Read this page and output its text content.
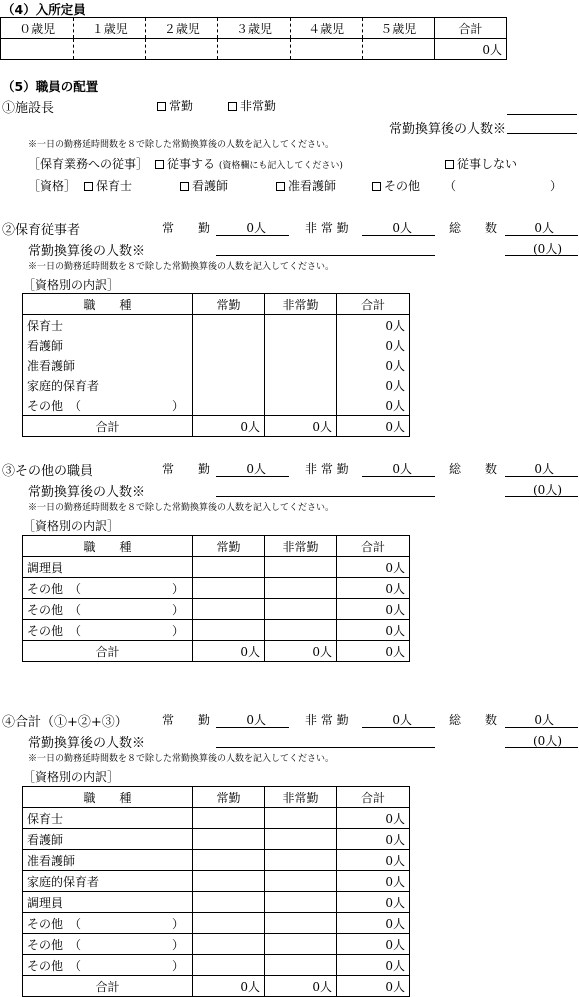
（4）入所定員
０歳児	１歳児	２歳児	３歳児	４歳児	５歳児	合計
						0人
（5）職員の配置
①施設長	常勤	非常勤
常勤換算後の人数※
※一日の勤務延時間数を８で除した常勤換算後の人数を記入してください。
［保育業務への従事］	従事する (資格欄にも記入してください)	従事しない
［資格］	保育士	看護師	准看護師	その他 （	）
②保育従事者	常　　勤	0人	非 常 勤	0人	総　　数	0人
常勤換算後の人数※	(0人)
※一日の勤務延時間数を８で除した常勤換算後の人数を記入してください。
［資格別の内訳］
職　　種	常勤	非常勤	合計
保育士			0人
看護師			0人
准看護師			0人
家庭的保育者			0人
その他　（ ）			0人
合計	0人	0人	0人
③その他の職員	常　　勤	0人	非 常 勤	0人	総　　数	0人
常勤換算後の人数※	(0人)
※一日の勤務延時間数を８で除した常勤換算後の人数を記入してください。
［資格別の内訳］
職　　種	常勤	非常勤	合計
調理員			0人
その他　（ ）			0人
その他　（ ）			0人
その他　（ ）			0人
合計	0人	0人	0人
④合計（①+②+③）	常　　勤	0人	非 常 勤	0人	総　　数	0人
常勤換算後の人数※	(0人)
※一日の勤務延時間数を８で除した常勤換算後の人数を記入してください。
［資格別の内訳］
職　　種	常勤	非常勤	合計
保育士			0人
看護師			0人
准看護師			0人
家庭的保育者			0人
調理員			0人
その他　（ ）			0人
その他　（ ）			0人
その他　（ ）			0人
合計	0人	0人	0人
